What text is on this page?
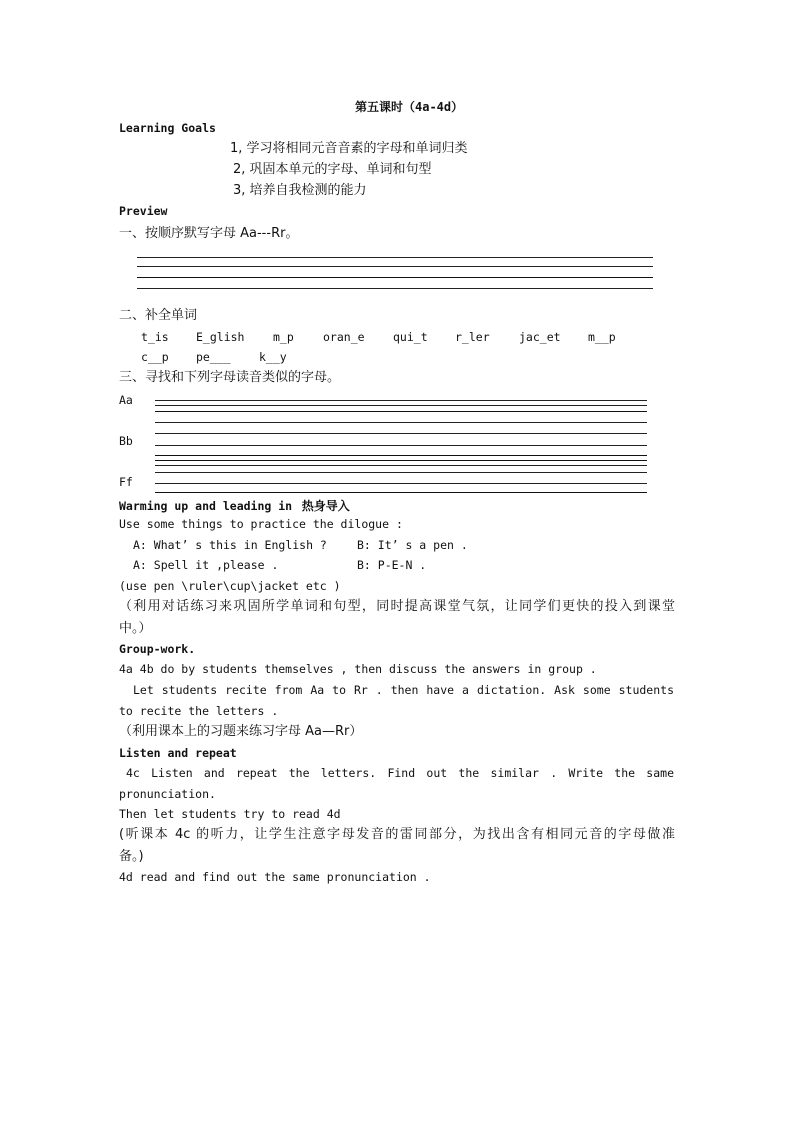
第五课时（4a-4d）
Learning Goals
1, 学习将相同元音音素的字母和单词归类
2, 巩固本单元的字母、单词和句型
3, 培养自我检测的能力
Preview
一、按顺序默写字母 Aa---Rr。
二、补全单词
t_is E_glish m_p	oran_e qui_t r_ler	jac_et m__p
c__p pe___ k__y
三、寻找和下列字母读音类似的字母。
Aa
Bb
Ff
Warming up and leading in 热身导入
Use some things to practice the dilogue :
A: What’ s this in English ?	B: It’ s a pen .
A: Spell it ,please .	B: P-E-N .
(use pen \ruler\cup\jacket etc )
（利用对话练习来巩固所学单词和句型，同时提高课堂气氛，让同学们更快的投入到课堂
中。）
Group-work.
4a 4b do by students themselves , then discuss the answers in group .
Let students recite from Aa to Rr . then have a dictation. Ask some students
to recite the letters .
（利用课本上的习题来练习字母 Aa—Rr）
Listen and repeat
4c Listen and repeat the letters. Find out the similar . Write the same
pronunciation.
Then let students try to read 4d
(听课本 4c 的听力，让学生注意字母发音的雷同部分，为找出含有相同元音的字母做准
备。)
4d read and find out the same pronunciation .
